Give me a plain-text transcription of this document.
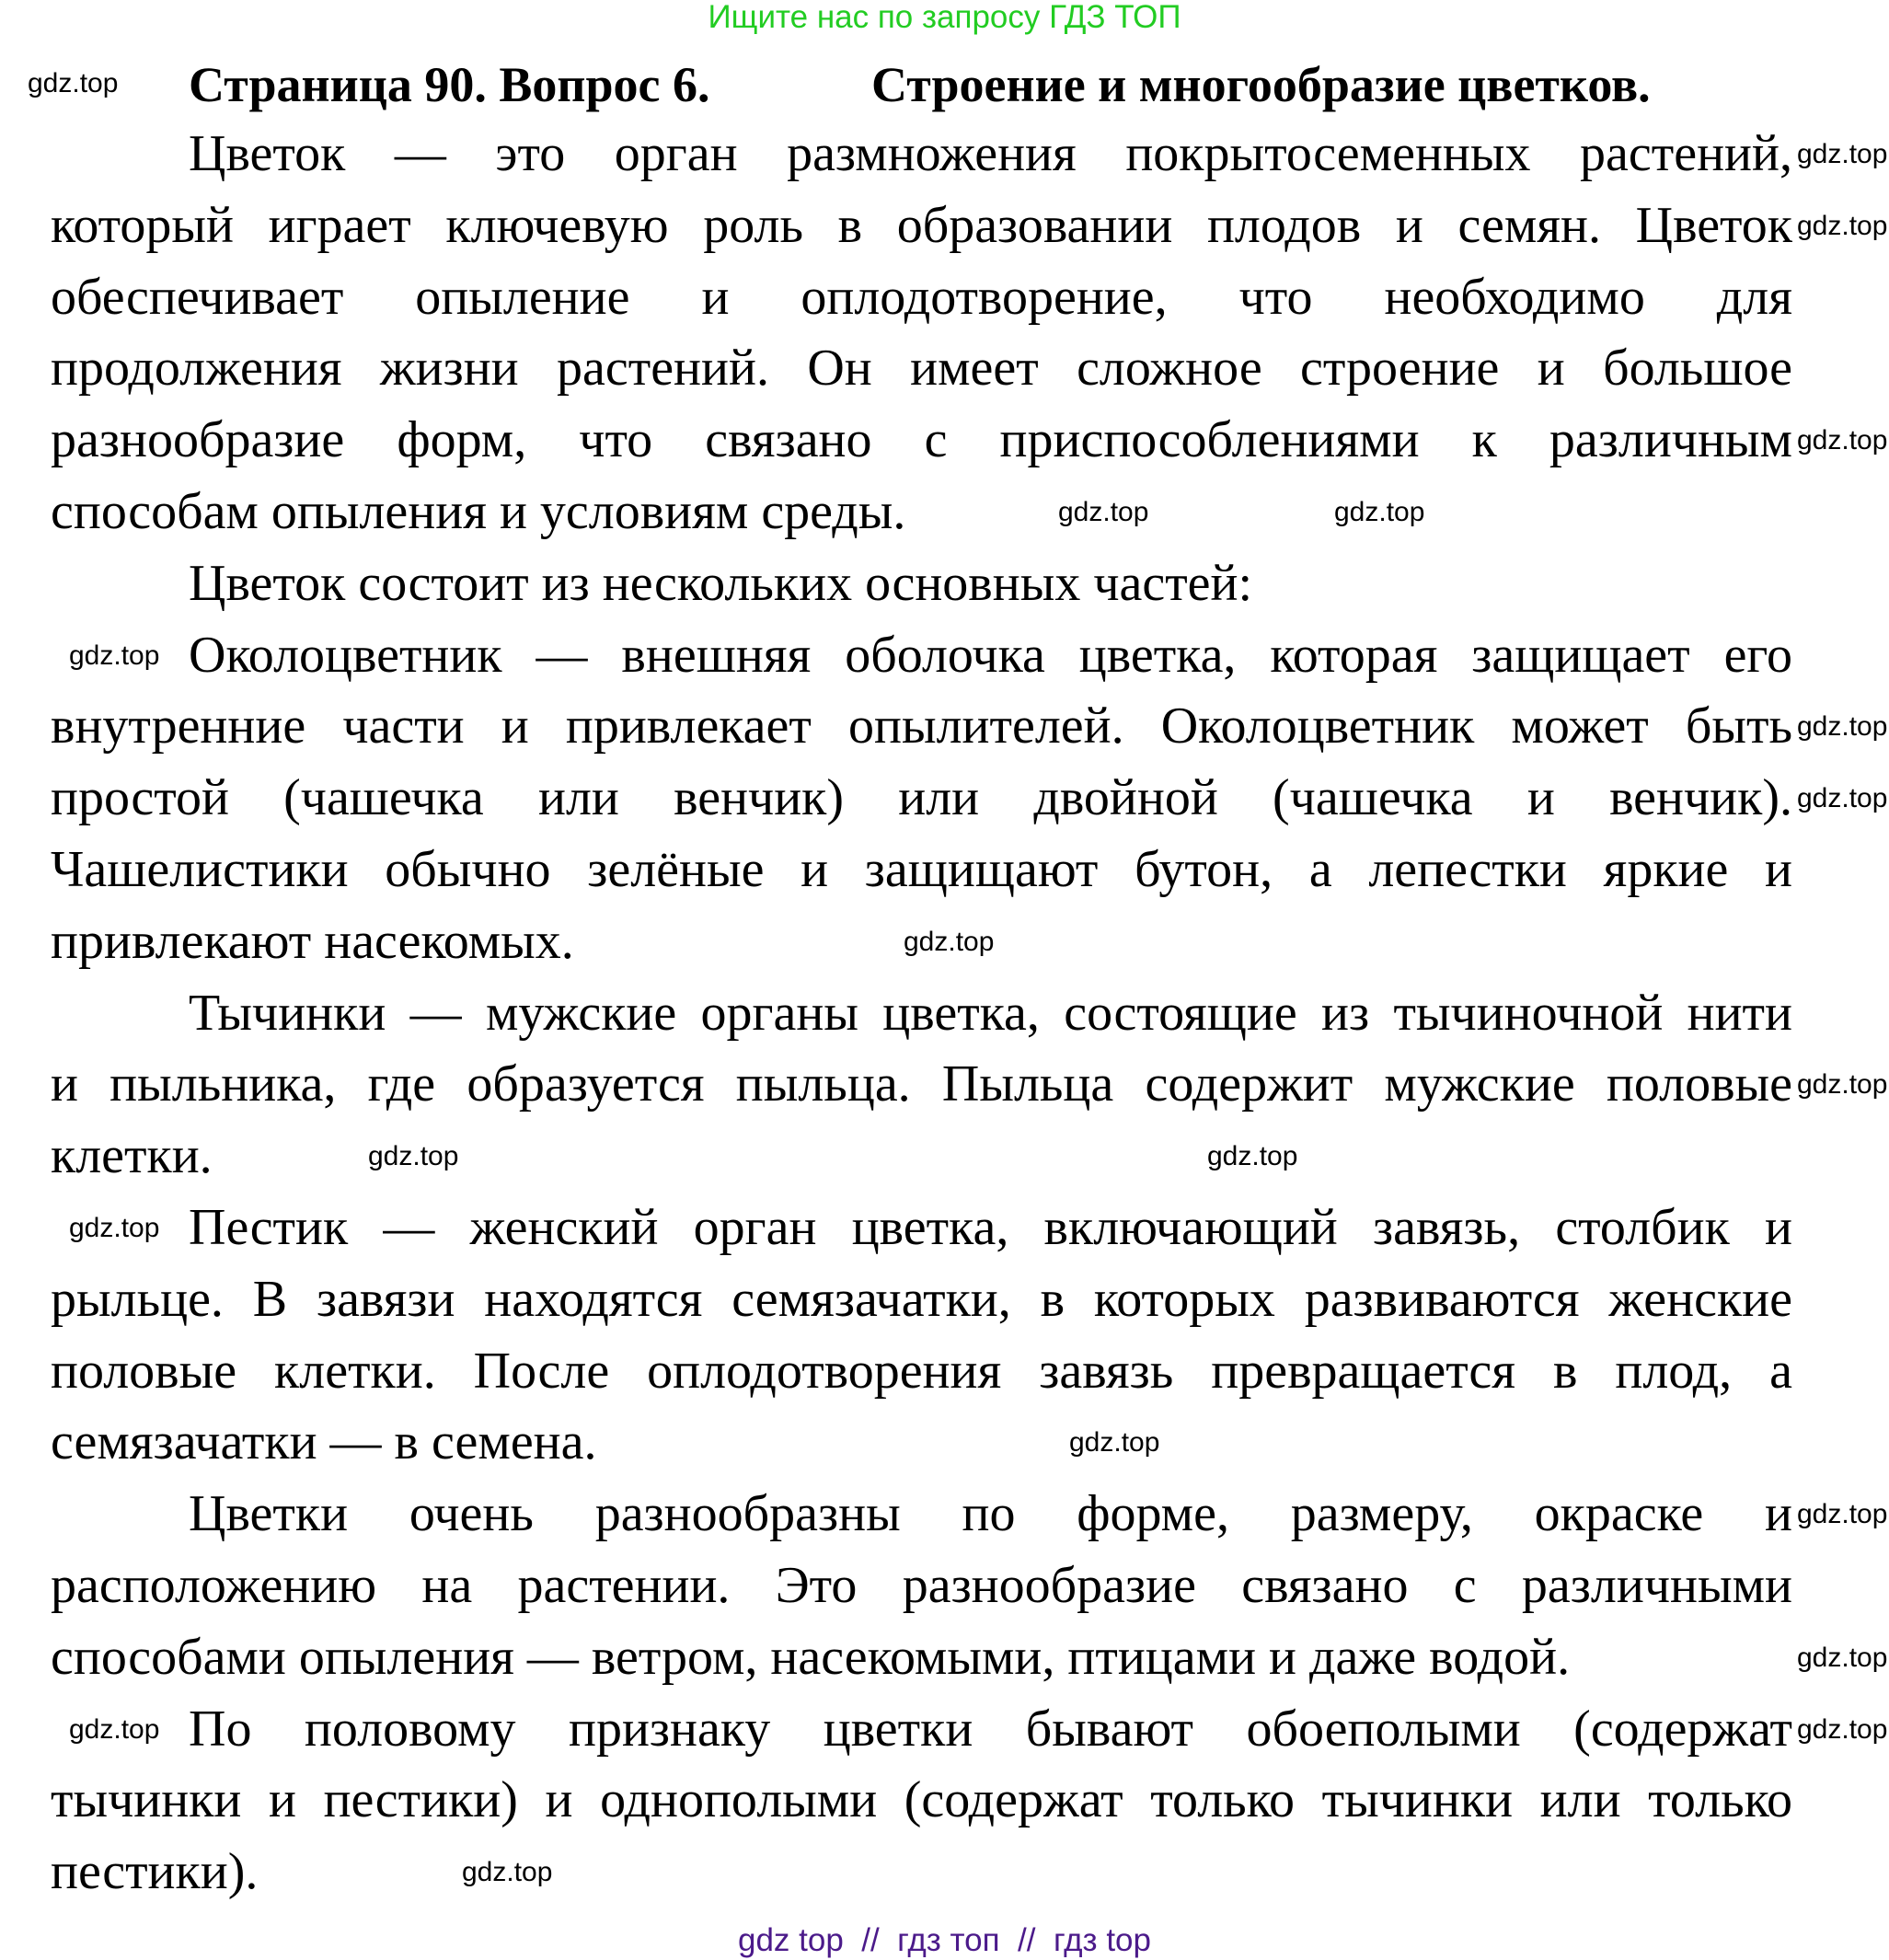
Ищите нас по запросу ГДЗ ТОП
Страница 90. Вопрос 6.	Строение и многообразие цветков.
Цветок — это орган размножения покрытосеменных растений,
который играет ключевую роль в образовании плодов и семян. Цветок
обеспечивает опыление и оплодотворение, что необходимо для
продолжения жизни растений. Он имеет сложное строение и большое
разнообразие форм, что связано с приспособлениями к различным
способам опыления и условиям среды.
Цветок состоит из нескольких основных частей:
Околоцветник — внешняя оболочка цветка, которая защищает его
внутренние части и привлекает опылителей. Околоцветник может быть
простой (чашечка или венчик) или двойной (чашечка и венчик).
Чашелистики обычно зелёные и защищают бутон, а лепестки яркие и
привлекают насекомых.
Тычинки — мужские органы цветка, состоящие из тычиночной нити
и пыльника, где образуется пыльца. Пыльца содержит мужские половые
клетки.
Пестик — женский орган цветка, включающий завязь, столбик и
рыльце. В завязи находятся семязачатки, в которых развиваются женские
половые клетки. После оплодотворения завязь превращается в плод, а
семязачатки — в семена.
Цветки очень разнообразны по форме, размеру, окраске и
расположению на растении. Это разнообразие связано с различными
способами опыления — ветром, насекомыми, птицами и даже водой.
По половому признаку цветки бывают обоеполыми (содержат
тычинки и пестики) и однополыми (содержат только тычинки или только
пестики).
gdz.top
gdz.top
gdz.top
gdz.top
gdz.top	gdz.top
gdz.top
gdz.top
gdz.top
gdz.top
gdz.top
gdz.top	gdz.top
gdz.top
gdz.top
gdz.top
gdz.top
gdz.top
gdz.top
gdz.top
gdz top  //  гдз топ  //  гдз top
